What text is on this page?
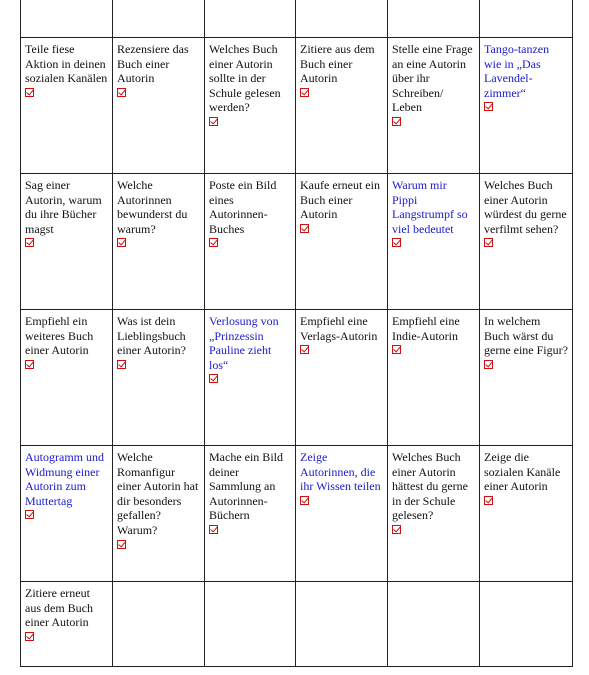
Teile fiese Aktion in deinen sozialen Kanälen	Rezensiere das Buch einer Autorin	Welches Buch einer Autorin sollte in der Schule gelesen werden?	Zitiere aus dem Buch einer Autorin	Stelle eine Frage an eine Autorin über ihr Schreiben/ Leben	Tango-tanzen wie in „Das Lavendel-zimmer“

Sag einer Autorin, warum du ihre Bücher magst	Welche Autorinnen bewunderst du warum?	Poste ein Bild eines Autorinnen-Buches	Kaufe erneut ein Buch einer Autorin	Warum mir Pippi Langstrumpf so viel bedeutet	Welches Buch einer Autorin würdest du gerne verfilmt sehen?

Empfiehl ein weiteres Buch einer Autorin	Was ist dein Lieblingsbuch einer Autorin?	Verlosung von „Prinzessin Pauline zieht los“	Empfiehl eine Verlags-Autorin	Empfiehl eine Indie-Autorin	In welchem Buch wärst du gerne eine Figur?

Autogramm und Widmung einer Autorin zum Muttertag	Welche Romanfigur einer Autorin hat dir besonders gefallen? Warum?	Mache ein Bild deiner Sammlung an Autorinnen-Büchern	Zeige Autorinnen, die ihr Wissen teilen	Welches Buch einer Autorin hättest du gerne in der Schule gelesen?	Zeige die sozialen Kanäle einer Autorin

Zitiere erneut aus dem Buch einer Autorin					
